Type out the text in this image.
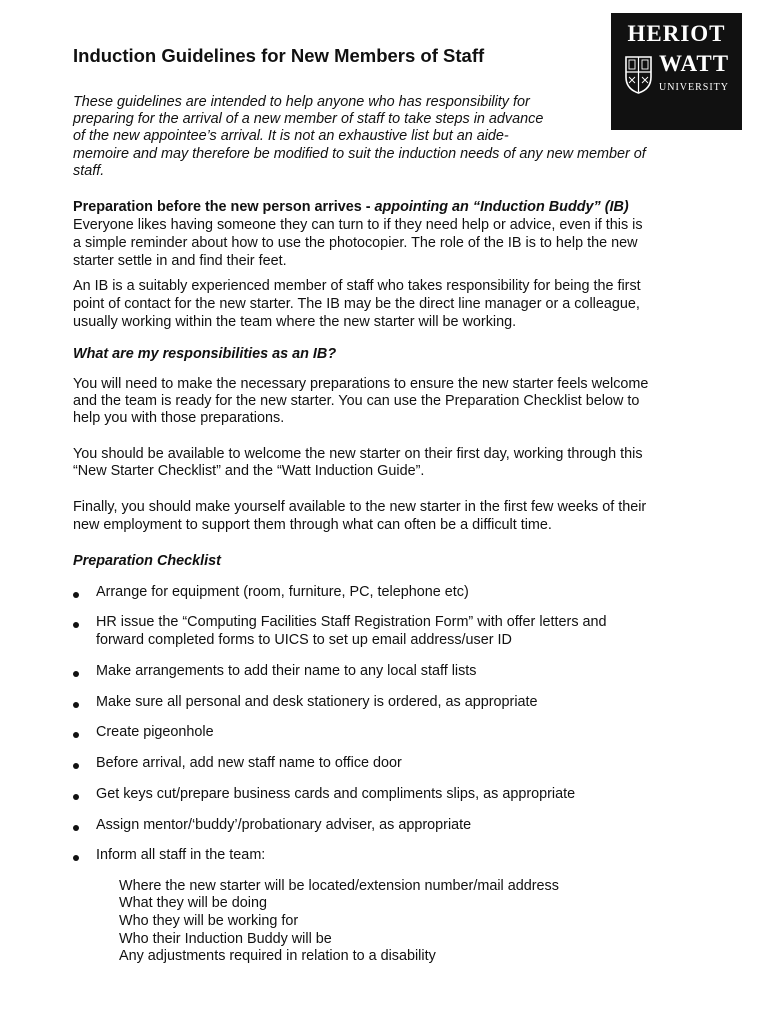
Induction Guidelines for New Members of Staff
HERIOT
WATT
UNIVERSITY

These guidelines are intended to help anyone who has responsibility for

preparing for the arrival of a new member of staff to take steps in advance

of the new appointee’s arrival. It is not an exhaustive list but an aide-

memoire and may therefore be modified to suit the induction needs of any new member of

staff.

Preparation before the new person arrives - appointing an “Induction Buddy” (IB)

Everyone likes having someone they can turn to if they need help or advice, even if this is

a simple reminder about how to use the photocopier. The role of the IB is to help the new

starter settle in and find their feet.

An IB is a suitably experienced member of staff who takes responsibility for being the first

point of contact for the new starter. The IB may be the direct line manager or a colleague,

usually working within the team where the new starter will be working.

What are my responsibilities as an IB?

You will need to make the necessary preparations to ensure the new starter feels welcome

and the team is ready for the new starter. You can use the Preparation Checklist below to

help you with those preparations.

You should be available to welcome the new starter on their first day, working through this

“New Starter Checklist” and the “Watt Induction Guide”.

Finally, you should make yourself available to the new starter in the first few weeks of their

new employment to support them through what can often be a difficult time.

Preparation Checklist

Arrange for equipment (room, furniture, PC, telephone etc)

HR issue the “Computing Facilities Staff Registration Form” with offer letters and

forward completed forms to UICS to set up email address/user ID

Make arrangements to add their name to any local staff lists

Make sure all personal and desk stationery is ordered, as appropriate

Create pigeonhole

Before arrival, add new staff name to office door

Get keys cut/prepare business cards and compliments slips, as appropriate

Assign mentor/‘buddy’/probationary adviser, as appropriate

Inform all staff in the team:

Where the new starter will be located/extension number/mail address

What they will be doing

Who they will be working for

Who their Induction Buddy will be

Any adjustments required in relation to a disability
